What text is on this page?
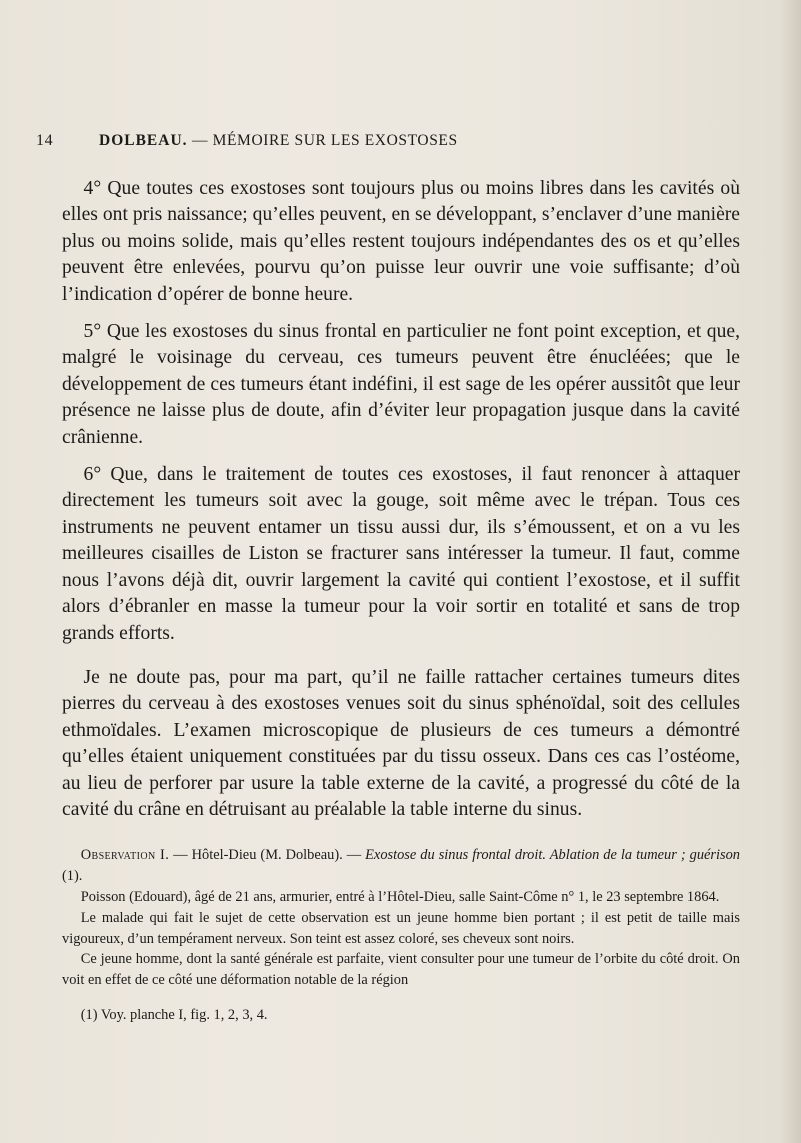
14	DOLBEAU. — MÉMOIRE SUR LES EXOSTOSES

4° Que toutes ces exostoses sont toujours plus ou moins libres dans les cavités où elles ont pris naissance; qu’elles peuvent, en se développant, s’enclaver d’une manière plus ou moins solide, mais qu’elles restent toujours indépendantes des os et qu’elles peuvent être enlevées, pourvu qu’on puisse leur ouvrir une voie suffisante; d’où l’indication d’opérer de bonne heure.

5° Que les exostoses du sinus frontal en particulier ne font point exception, et que, malgré le voisinage du cerveau, ces tumeurs peuvent être énucléées; que le développement de ces tumeurs étant indéfini, il est sage de les opérer aussitôt que leur présence ne laisse plus de doute, afin d’éviter leur propagation jusque dans la cavité crânienne.

6° Que, dans le traitement de toutes ces exostoses, il faut renoncer à attaquer directement les tumeurs soit avec la gouge, soit même avec le trépan. Tous ces instruments ne peuvent entamer un tissu aussi dur, ils s’émoussent, et on a vu les meilleures cisailles de Liston se fracturer sans intéresser la tumeur. Il faut, comme nous l’avons déjà dit, ouvrir largement la cavité qui contient l’exostose, et il suffit alors d’ébranler en masse la tumeur pour la voir sortir en totalité et sans de trop grands efforts.

Je ne doute pas, pour ma part, qu’il ne faille rattacher certaines tumeurs dites pierres du cerveau à des exostoses venues soit du sinus sphénoïdal, soit des cellules ethmoïdales. L’examen microscopique de plusieurs de ces tumeurs a démontré qu’elles étaient uniquement constituées par du tissu osseux. Dans ces cas l’ostéome, au lieu de perforer par usure la table externe de la cavité, a progressé du côté de la cavité du crâne en détruisant au préalable la table interne du sinus.

Observation I. — Hôtel-Dieu (M. Dolbeau). — Exostose du sinus frontal droit. Ablation de la tumeur ; guérison (1).

Poisson (Edouard), âgé de 21 ans, armurier, entré à l’Hôtel-Dieu, salle Saint-Côme n° 1, le 23 septembre 1864.

Le malade qui fait le sujet de cette observation est un jeune homme bien portant ; il est petit de taille mais vigoureux, d’un tempérament nerveux. Son teint est assez coloré, ses cheveux sont noirs.

Ce jeune homme, dont la santé générale est parfaite, vient consulter pour une tumeur de l’orbite du côté droit. On voit en effet de ce côté une déformation notable de la région

(1) Voy. planche I, fig. 1, 2, 3, 4.
